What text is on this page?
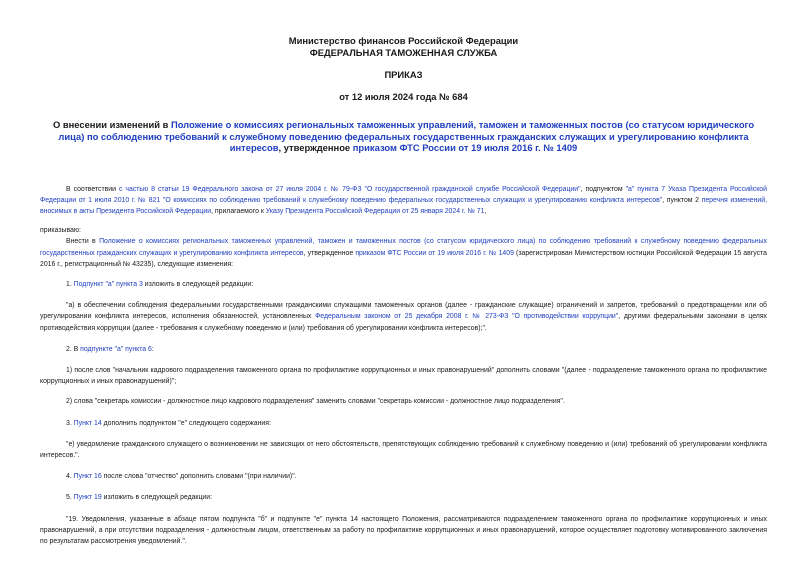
Министерство финансов Российской Федерации
ФЕДЕРАЛЬНАЯ ТАМОЖЕННАЯ СЛУЖБА
ПРИКАЗ
от 12 июля 2024 года № 684
О внесении изменений в Положение о комиссиях региональных таможенных управлений, таможен и таможенных постов (со статусом юридического лица) по соблюдению требований к служебному поведению федеральных государственных гражданских служащих и урегулированию конфликта интересов, утвержденное приказом ФТС России от 19 июля 2016 г. № 1409

В соответствии с частью 8 статьи 19 Федерального закона от 27 июля 2004 г. № 79-ФЗ "О государственной гражданской службе Российской Федерации", подпунктом "а" пункта 7 Указа Президента Российской Федерации от 1 июля 2010 г. № 821 "О комиссиях по соблюдению требований к служебному поведению федеральных государственных служащих и урегулированию конфликта интересов", пунктом 2 перечня изменений, вносимых в акты Президента Российской Федерации, прилагаемого к Указу Президента Российской Федерации от 25 января 2024 г. № 71,

приказываю:

Внести в Положение о комиссиях региональных таможенных управлений, таможен и таможенных постов (со статусом юридического лица) по соблюдению требований к служебному поведению федеральных государственных гражданских служащих и урегулированию конфликта интересов, утвержденное приказом ФТС России от 19 июля 2016 г. № 1409 (зарегистрирован Министерством юстиции Российской Федерации 15 августа 2016 г., регистрационный № 43235), следующие изменения:

1. Подпункт "а" пункта 3 изложить в следующей редакции:

"а) в обеспечении соблюдения федеральными государственными гражданскими служащими таможенных органов (далее - гражданские служащие) ограничений и запретов, требований о предотвращении или об урегулировании конфликта интересов, исполнения обязанностей, установленных Федеральным законом от 25 декабря 2008 г. № 273-ФЗ "О противодействии коррупции", другими федеральными законами в целях противодействия коррупции (далее - требования к служебному поведению и (или) требования об урегулировании конфликта интересов);".

2. В подпункте "а" пункта 6:

1) после слов "начальник кадрового подразделения таможенного органа по профилактике коррупционных и иных правонарушений" дополнить словами "(далее - подразделение таможенного органа по профилактике коррупционных и иных правонарушений)";

2) слова "секретарь комиссии - должностное лицо кадрового подразделения" заменить словами "секретарь комиссии - должностное лицо подразделения".

3. Пункт 14 дополнить подпунктом "е" следующего содержания:

"е) уведомление гражданского служащего о возникновении не зависящих от него обстоятельств, препятствующих соблюдению требований к служебному поведению и (или) требований об урегулировании конфликта интересов.".

4. Пункт 16 после слова "отчество" дополнить словами "(при наличии)".

5. Пункт 19 изложить в следующей редакции:

"19. Уведомления, указанные в абзаце пятом подпункта "б" и подпункте "е" пункта 14 настоящего Положения, рассматриваются подразделением таможенного органа по профилактике коррупционных и иных правонарушений, а при отсутствии подразделения - должностным лицом, ответственным за работу по профилактике коррупционных и иных правонарушений, которое осуществляет подготовку мотивированного заключения по результатам рассмотрения уведомлений.".
